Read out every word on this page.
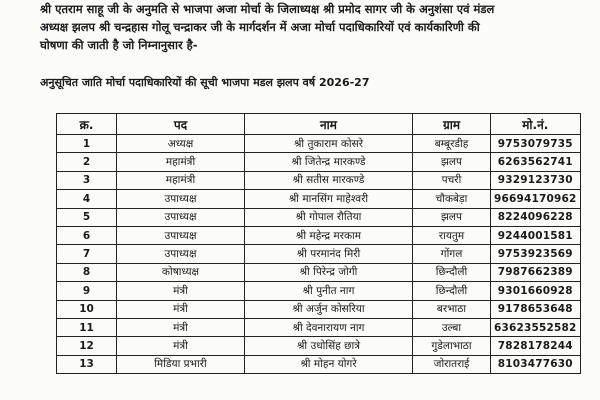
श्री एतराम साहू जी के अनुमति से भाजपा अजा मोर्चा के जिलाध्यक्ष श्री प्रमोद सागर जी के अनुशंसा एवं मंडल

अध्यक्ष झलप श्री चन्द्रहास गोलू चन्द्राकर जी के मार्गदर्शन में अजा मोर्चा पदाधिकारियों एवं कार्यकारिणी की

घोषणा की जाती है जो निम्नानुसार है-

अनुसूचित जाति मोर्चा पदाधिकारियों की सूची भाजपा मडल झलप वर्ष 2026-27
क्र.	पद	नाम	ग्राम	मो.नं.
1	अध्यक्ष	श्री तुकाराम कोसरे	बम्बूरडीह	9753079735
2	महामंत्री	श्री जितेन्द्र मारकण्डे	झलप	6263562741
3	महामंत्री	श्री सतीस मारकण्डे	पचरी	9329123730
4	उपाध्यक्ष	श्री मानसिंग माहेश्वरी	चौकबेड़ा	96694170962
5	उपाध्यक्ष	श्री गोपाल रौतिया	झलप	8224096228
6	उपाध्यक्ष	श्री महेन्द्र मरकाम	रायतुम	9244001581
7	उपाध्यक्ष	श्री परमानंद मिरी	गोंगल	9753923569
8	कोषाध्यक्ष	श्री पिरेन्द्र जोगी	छिन्दौली	7987662389
9	मंत्री	श्री पुनीत नाग	छिन्दौली	9301660928
10	मंत्री	श्री अर्जुन कोसरिया	बरभाठा	9178653648
11	मंत्री	श्री देवनारायण नाग	उल्बा	63623552582
12	मंत्री	श्री उधोसिंह छात्रे	गुडेलाभाठा	7828178244
13	मिडिया प्रभारी	श्री मोहन योगरे	जोरातराई	8103477630
